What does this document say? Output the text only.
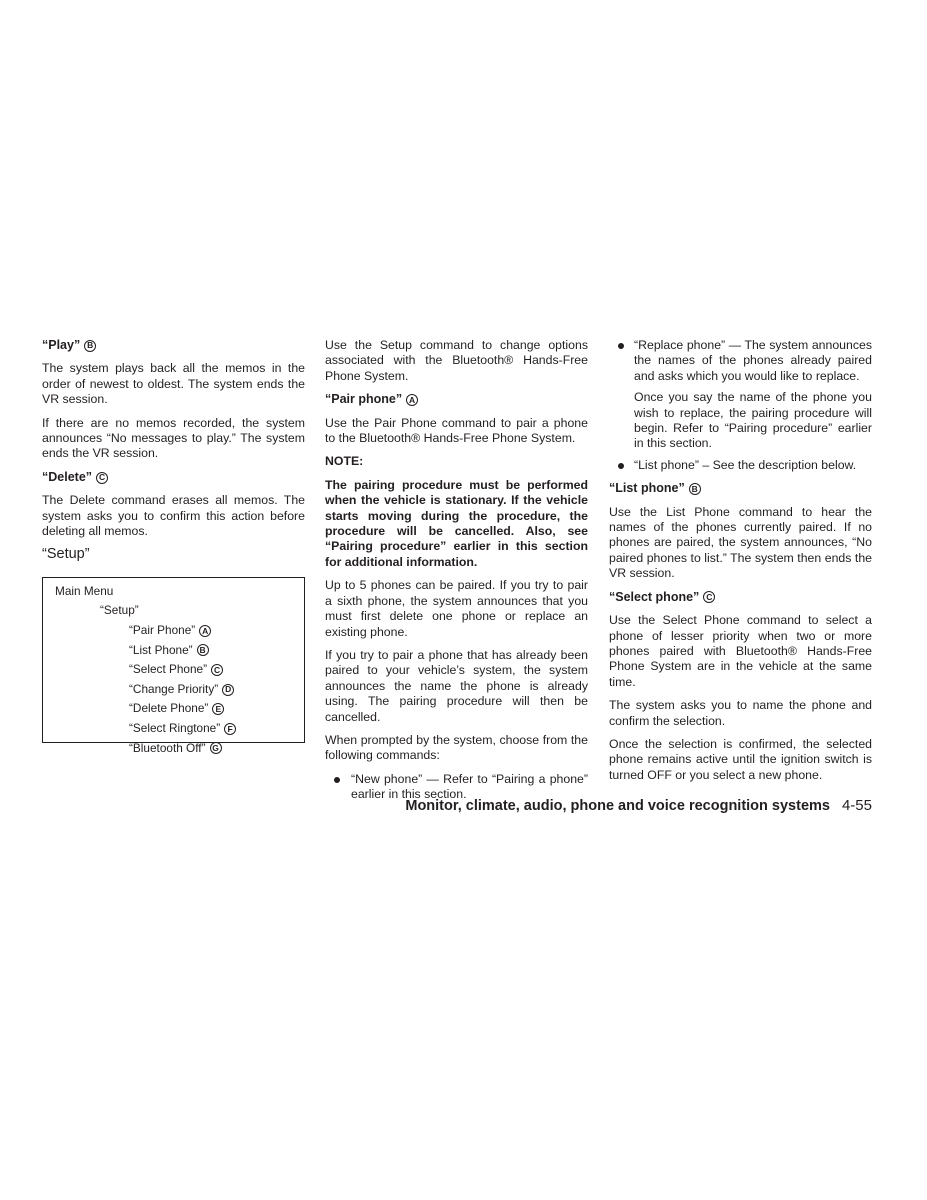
“Play” B

The system plays back all the memos in the order of newest to oldest. The system ends the VR session.

If there are no memos recorded, the system announces “No messages to play.” The system ends the VR session.

“Delete” C

The Delete command erases all memos. The system asks you to confirm this action before deleting all memos.

“Setup”
Main Menu
“Setup”
“Pair Phone” A
“List Phone” B
“Select Phone” C
“Change Priority” D
“Delete Phone” E
“Select Ringtone” F
“Bluetooth Off” G

Use the Setup command to change options associated with the Bluetooth® Hands-Free Phone System.

“Pair phone” A

Use the Pair Phone command to pair a phone to the Bluetooth® Hands-Free Phone System.

NOTE:

The pairing procedure must be performed when the vehicle is stationary. If the vehicle starts moving during the procedure, the procedure will be cancelled. Also, see “Pairing procedure” earlier in this section for additional information.

Up to 5 phones can be paired. If you try to pair a sixth phone, the system announces that you must first delete one phone or replace an existing phone.

If you try to pair a phone that has already been paired to your vehicle’s system, the system announces the name the phone is already using. The pairing procedure will then be cancelled.

When prompted by the system, choose from the following commands:

“New phone” — Refer to “Pairing a phone” earlier in this section.
“Replace phone” — The system announces the names of the phones already paired and asks which you would like to replace.
Once you say the name of the phone you wish to replace, the pairing procedure will begin. Refer to “Pairing procedure” earlier in this section.
“List phone” – See the description below.
“List phone” B

Use the List Phone command to hear the names of the phones currently paired. If no phones are paired, the system announces, “No paired phones to list.” The system then ends the VR session.

“Select phone” C

Use the Select Phone command to select a phone of lesser priority when two or more phones paired with Bluetooth® Hands-Free Phone System are in the vehicle at the same time.

The system asks you to name the phone and confirm the selection.

Once the selection is confirmed, the selected phone remains active until the ignition switch is turned OFF or you select a new phone.

Monitor, climate, audio, phone and voice recognition systems 4-55
